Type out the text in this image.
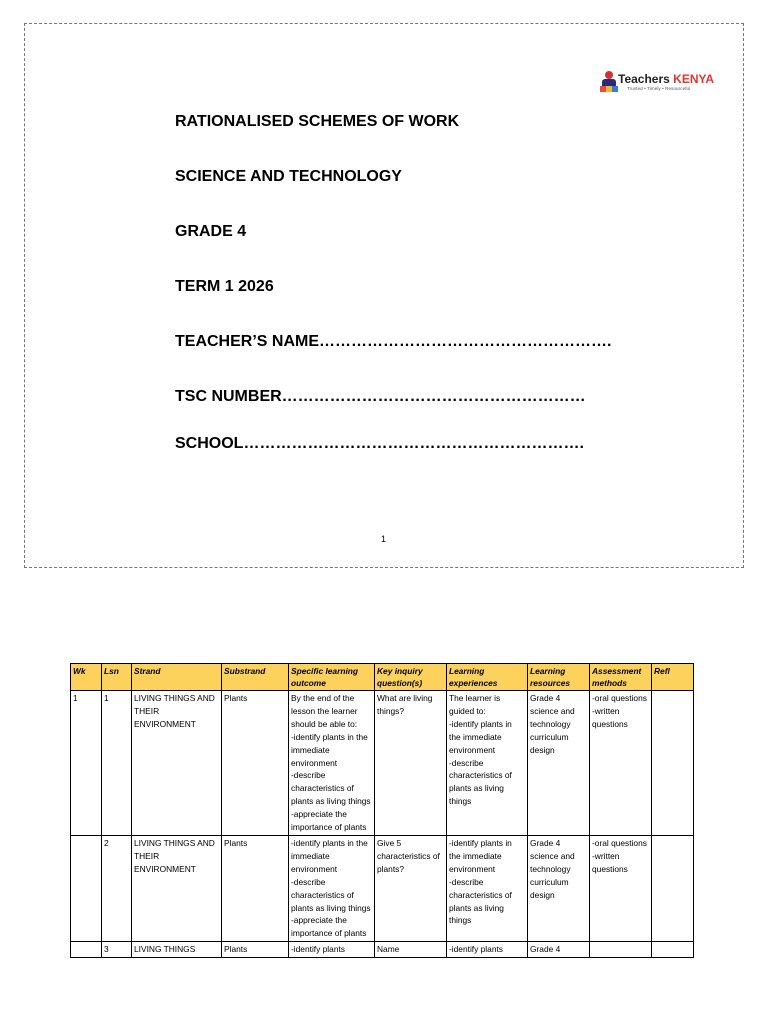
Teachers KENYA
Trusted • Timely • Resourceful
RATIONALISED SCHEMES OF WORK
SCIENCE AND TECHNOLOGY
GRADE 4
TERM 1 2026
TEACHER’S NAME……………………………………………….
TSC NUMBER…………………………………………………
SCHOOL……………………………………………………….
1
Wk	Lsn	Strand	Substrand	Specific learning outcome	Key inquiry question(s)	Learning experiences	Learning resources	Assessment methods	Refl
1	1	LIVING THINGS AND THEIR ENVIRONMENT	Plants	By the end of the lesson the learner should be able to:
-identify plants in the immediate environment
-describe characteristics of plants as living things
-appreciate the importance of plants	What are living things?	The learner is guided to:
-identify plants in the immediate environment
-describe characteristics of plants as living things	Grade 4 science and technology curriculum design	-oral questions
-written questions	
	2	LIVING THINGS AND THEIR ENVIRONMENT	Plants	-identify plants in the immediate environment
-describe characteristics of plants as living things
-appreciate the importance of plants	Give 5 characteristics of plants?	-identify plants in the immediate environment
-describe characteristics of plants as living things	Grade 4 science and technology curriculum design	-oral questions
-written questions	
	3	LIVING THINGS	Plants	-identify plants	Name	-identify plants	Grade 4		
